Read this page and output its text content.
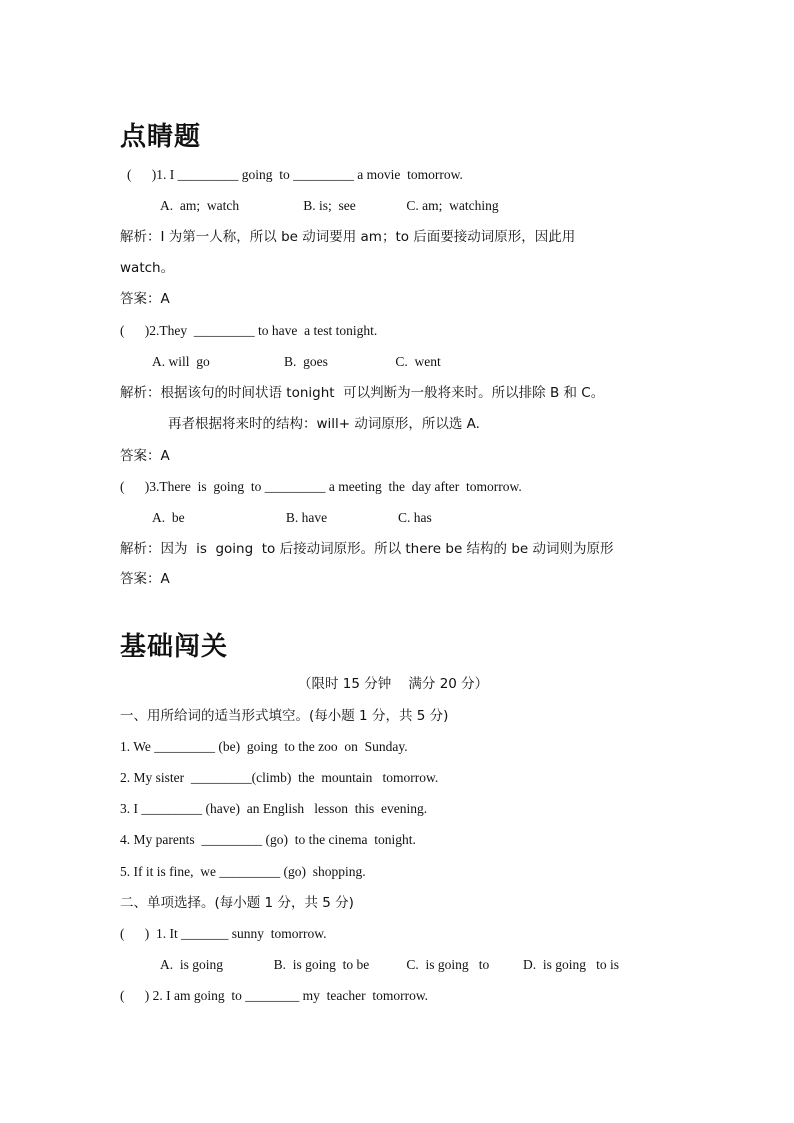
点睛题
(      )1. I _________ going  to _________ a movie  tomorrow.
A.  am;  watch                   B. is;  see               C. am;  watching
解析：I 为第一人称，所以 be 动词要用 am；to 后面要接动词原形，因此用
watch。
答案：A
(      )2.They  _________ to have  a test tonight.
A. will  go                      B.  goes                    C.  went
解析：根据该句的时间状语 tonight  可以判断为一般将来时。所以排除 B 和 C。
再者根据将来时的结构：will+ 动词原形，所以选 A.
答案：A
(      )3.There  is  going  to _________ a meeting  the  day after  tomorrow.
A.  be                              B. have                     C. has
解析：因为  is  going  to 后接动词原形。所以 there be 结构的 be 动词则为原形
答案：A
基础闯关
（限时 15 分钟    满分 20 分）
一、用所给词的适当形式填空。(每小题 1 分，共 5 分)
1. We _________ (be)  going  to the zoo  on  Sunday.
2. My sister  _________(climb)  the  mountain   tomorrow.
3. I _________ (have)  an English   lesson  this  evening.
4. My parents  _________ (go)  to the cinema  tonight.
5. If it is fine,  we _________ (go)  shopping.
二、单项选择。(每小题 1 分，共 5 分)
(      )  1. It _______ sunny  tomorrow.
A.  is going               B.  is going  to be           C.  is going   to          D.  is going   to is
(      ) 2. I am going  to ________ my  teacher  tomorrow.
